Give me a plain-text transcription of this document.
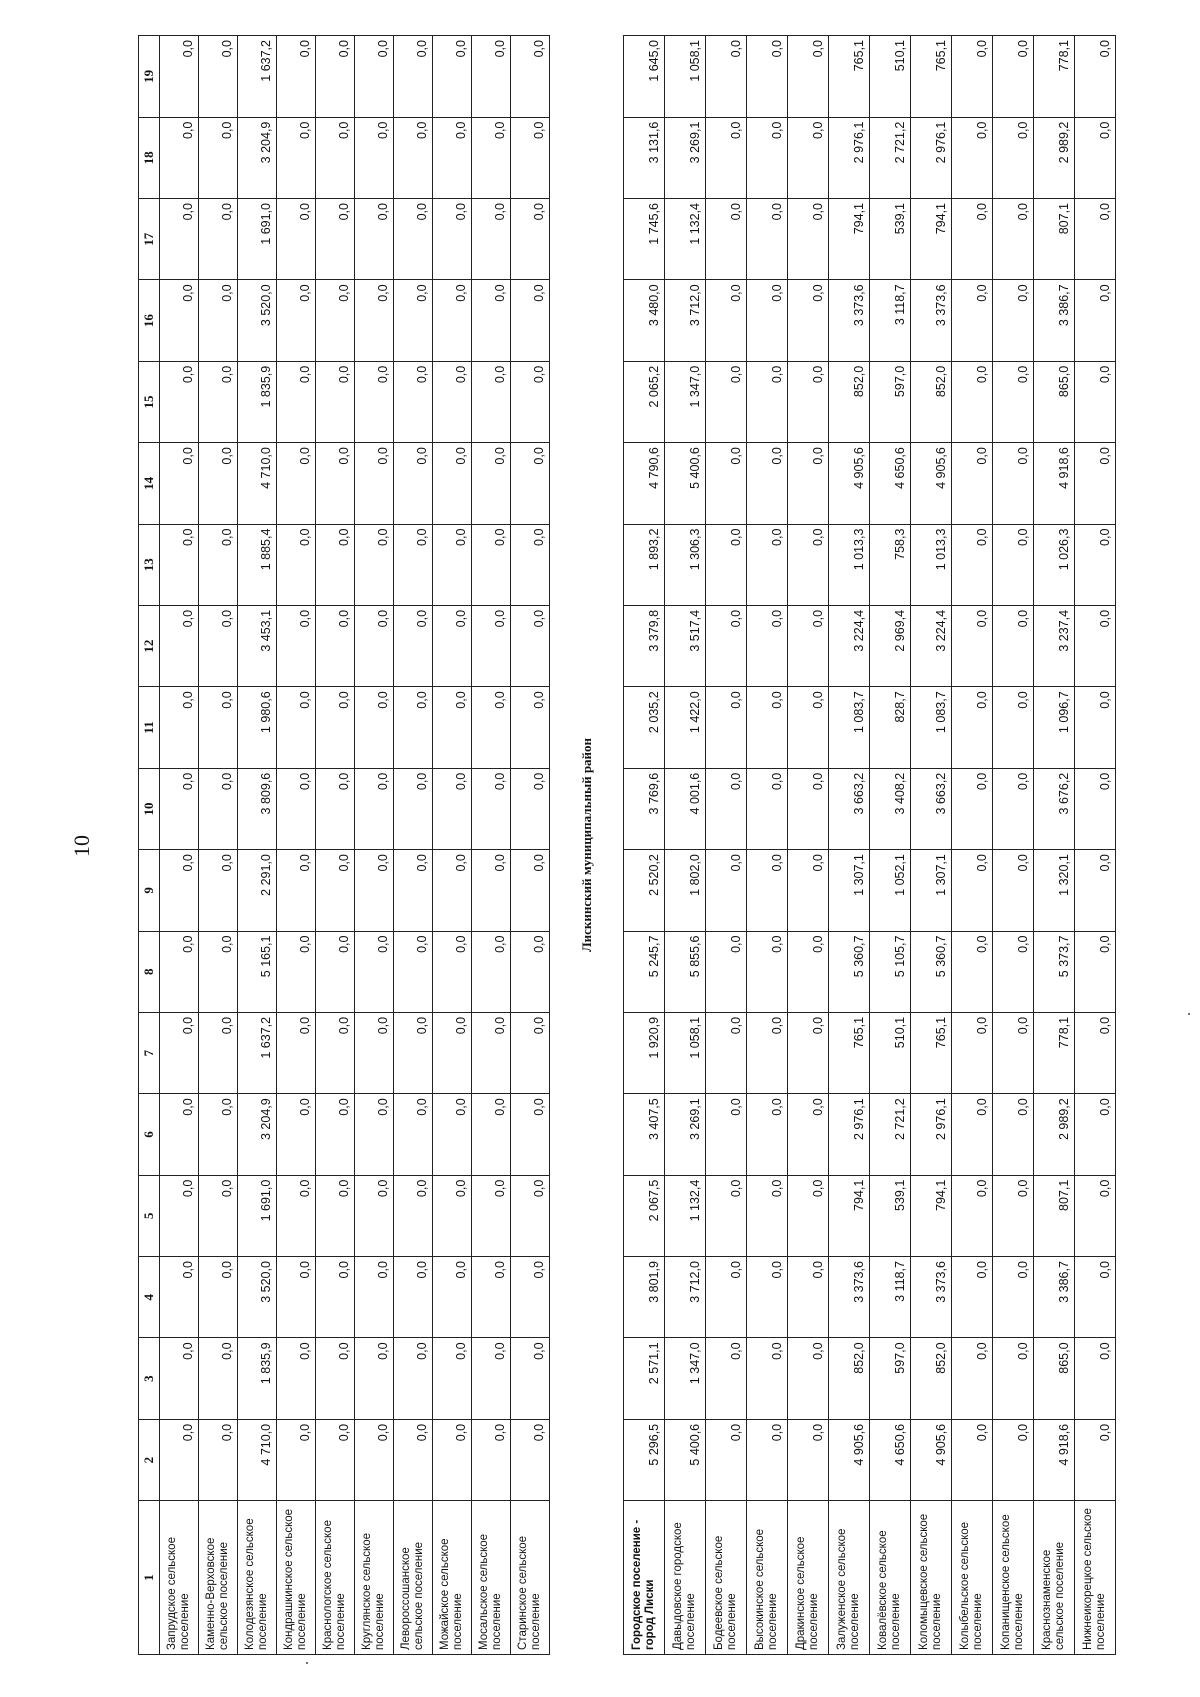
10
1	2	3	4	5	6	7	8	9	10	11	12	13	14	15	16	17	18	19
Запрудское сельское поселение	0,0	0,0	0,0	0,0	0,0	0,0	0,0	0,0	0,0	0,0	0,0	0,0	0,0	0,0	0,0	0,0	0,0	0,0
Каменно-Верховское сельское поселение	0,0	0,0	0,0	0,0	0,0	0,0	0,0	0,0	0,0	0,0	0,0	0,0	0,0	0,0	0,0	0,0	0,0	0,0
Колодезянское сельское поселение	4 710,0	1 835,9	3 520,0	1 691,0	3 204,9	1 637,2	5 165,1	2 291,0	3 809,6	1 980,6	3 453,1	1 885,4	4 710,0	1 835,9	3 520,0	1 691,0	3 204,9	1 637,2
Кондрашкинское сельское поселение	0,0	0,0	0,0	0,0	0,0	0,0	0,0	0,0	0,0	0,0	0,0	0,0	0,0	0,0	0,0	0,0	0,0	0,0
Краснологское сельское поселение	0,0	0,0	0,0	0,0	0,0	0,0	0,0	0,0	0,0	0,0	0,0	0,0	0,0	0,0	0,0	0,0	0,0	0,0
Круглянское сельское поселение	0,0	0,0	0,0	0,0	0,0	0,0	0,0	0,0	0,0	0,0	0,0	0,0	0,0	0,0	0,0	0,0	0,0	0,0
Левороссошанское сельское поселение	0,0	0,0	0,0	0,0	0,0	0,0	0,0	0,0	0,0	0,0	0,0	0,0	0,0	0,0	0,0	0,0	0,0	0,0
Можайское сельское поселение	0,0	0,0	0,0	0,0	0,0	0,0	0,0	0,0	0,0	0,0	0,0	0,0	0,0	0,0	0,0	0,0	0,0	0,0
Мосальское сельское поселение	0,0	0,0	0,0	0,0	0,0	0,0	0,0	0,0	0,0	0,0	0,0	0,0	0,0	0,0	0,0	0,0	0,0	0,0
Старинское сельское поселение	0,0	0,0	0,0	0,0	0,0	0,0	0,0	0,0	0,0	0,0	0,0	0,0	0,0	0,0	0,0	0,0	0,0	0,0
Лискинский муниципальный район																		
Городское поселение - город Лиски	5 296,5	2 571,1	3 801,9	2 067,5	3 407,5	1 920,9	5 245,7	2 520,2	3 769,6	2 035,2	3 379,8	1 893,2	4 790,6	2 065,2	3 480,0	1 745,6	3 131,6	1 645,0
Давыдовское городское поселение	5 400,6	1 347,0	3 712,0	1 132,4	3 269,1	1 058,1	5 855,6	1 802,0	4 001,6	1 422,0	3 517,4	1 306,3	5 400,6	1 347,0	3 712,0	1 132,4	3 269,1	1 058,1
Бодеевское сельское поселение	0,0	0,0	0,0	0,0	0,0	0,0	0,0	0,0	0,0	0,0	0,0	0,0	0,0	0,0	0,0	0,0	0,0	0,0
Высокинское сельское поселение	0,0	0,0	0,0	0,0	0,0	0,0	0,0	0,0	0,0	0,0	0,0	0,0	0,0	0,0	0,0	0,0	0,0	0,0
Дракинское сельское поселение	0,0	0,0	0,0	0,0	0,0	0,0	0,0	0,0	0,0	0,0	0,0	0,0	0,0	0,0	0,0	0,0	0,0	0,0
Залуженское сельское поселение	4 905,6	852,0	3 373,6	794,1	2 976,1	765,1	5 360,7	1 307,1	3 663,2	1 083,7	3 224,4	1 013,3	4 905,6	852,0	3 373,6	794,1	2 976,1	765,1
Ковалёвское сельское поселение	4 650,6	597,0	3 118,7	539,1	2 721,2	510,1	5 105,7	1 052,1	3 408,2	828,7	2 969,4	758,3	4 650,6	597,0	3 118,7	539,1	2 721,2	510,1
Коломыцевское сельское поселение	4 905,6	852,0	3 373,6	794,1	2 976,1	765,1	5 360,7	1 307,1	3 663,2	1 083,7	3 224,4	1 013,3	4 905,6	852,0	3 373,6	794,1	2 976,1	765,1
Колыбельское сельское поселение	0,0	0,0	0,0	0,0	0,0	0,0	0,0	0,0	0,0	0,0	0,0	0,0	0,0	0,0	0,0	0,0	0,0	0,0
Копанищенское сельское поселение	0,0	0,0	0,0	0,0	0,0	0,0	0,0	0,0	0,0	0,0	0,0	0,0	0,0	0,0	0,0	0,0	0,0	0,0
Краснознаменское сельское поселение	4 918,6	865,0	3 386,7	807,1	2 989,2	778,1	5 373,7	1 320,1	3 676,2	1 096,7	3 237,4	1 026,3	4 918,6	865,0	3 386,7	807,1	2 989,2	778,1
Нижнеикорецкое сельское поселение	0,0	0,0	0,0	0,0	0,0	0,0	0,0	0,0	0,0	0,0	0,0	0,0	0,0	0,0	0,0	0,0	0,0	0,0
